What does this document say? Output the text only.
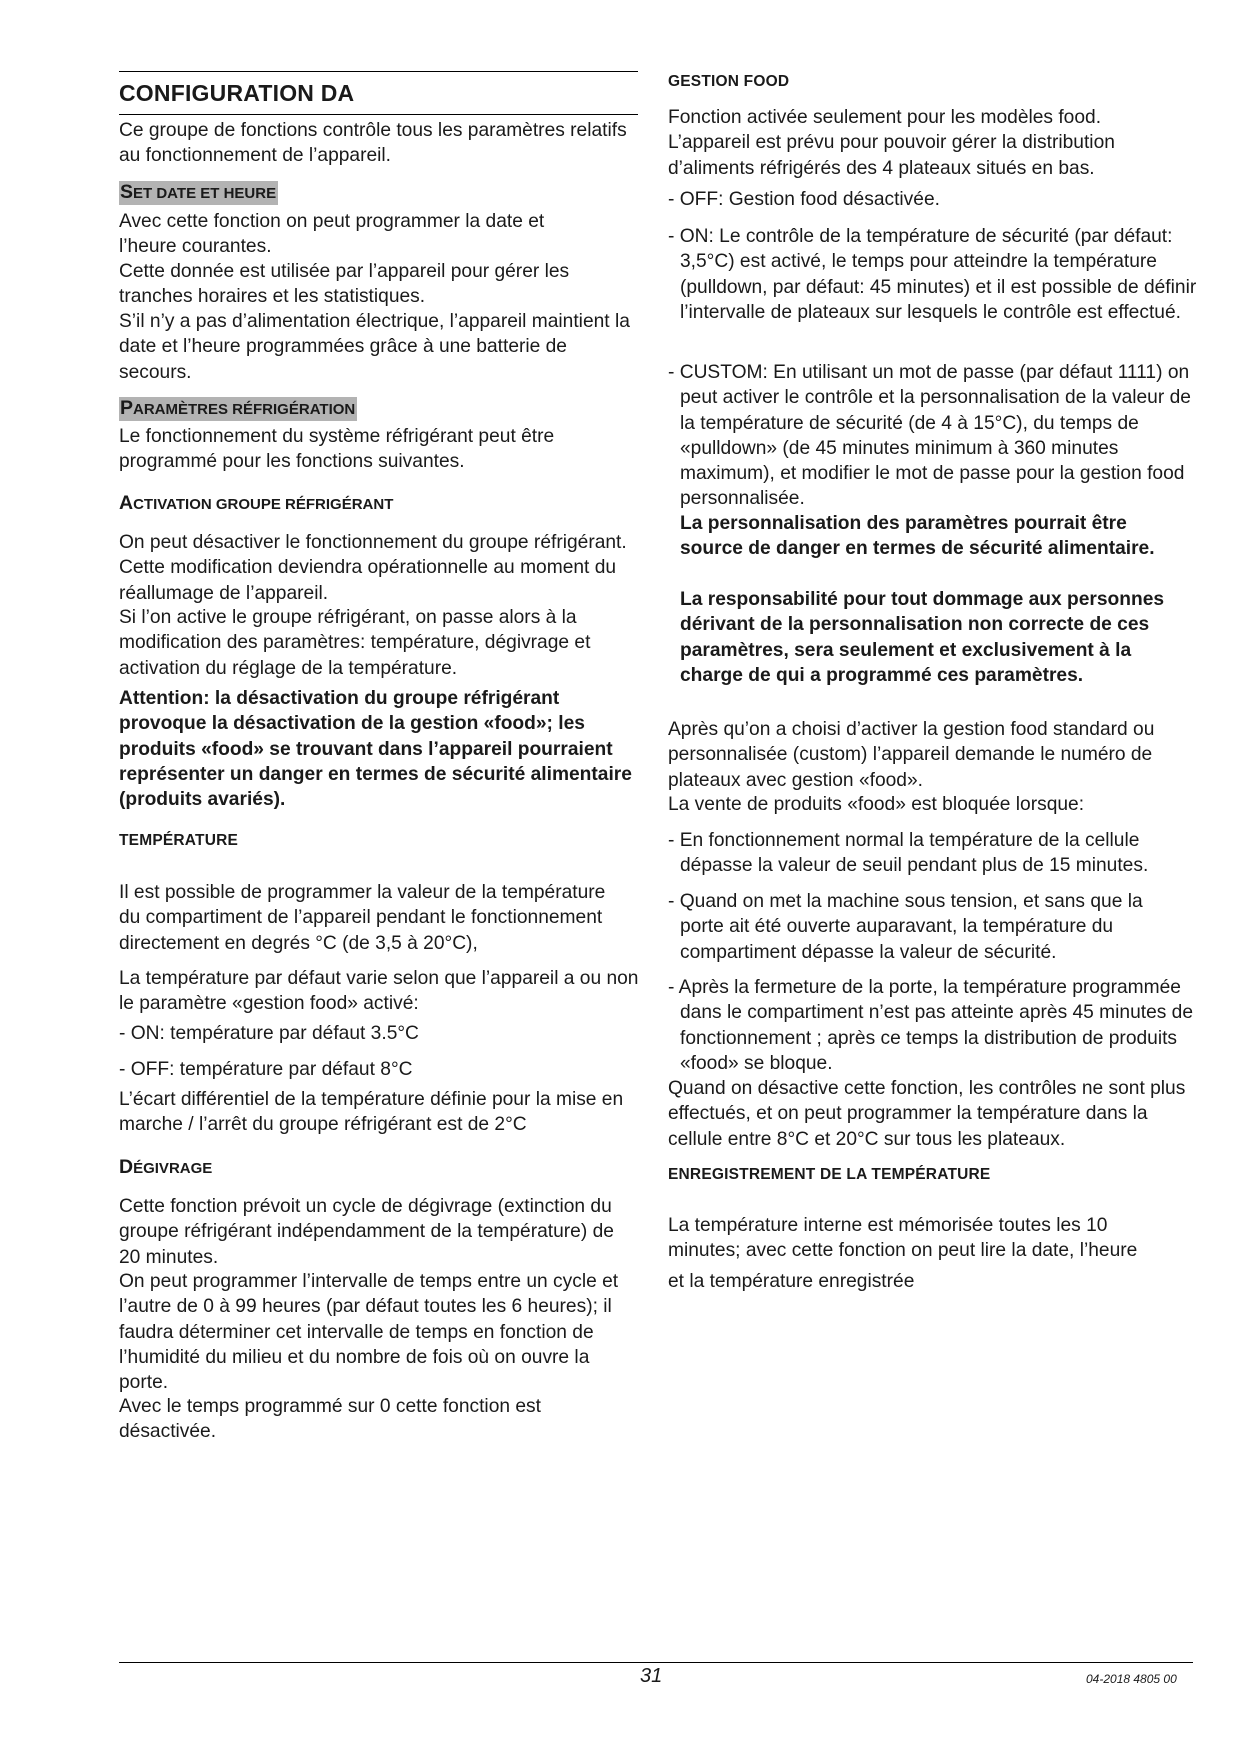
CONFIGURATION DA

Ce groupe de fonctions contrôle tous les paramètres relatifs au fonctionnement de l’appareil.

SET DATE ET HEURE

Avec cette fonction on peut programmer la date et l’heure courantes.

Cette donnée est utilisée par l’appareil pour gérer les tranches horaires et les statistiques.

S’il n’y a pas d’alimentation électrique, l’appareil maintient la date et l’heure programmées grâce à une batterie de secours.

PARAMÈTRES RÉFRIGÉRATION

Le fonctionnement du système réfrigérant peut être programmé pour les fonctions suivantes.

ACTIVATION GROUPE RÉFRIGÉRANT

On peut désactiver le fonctionnement du groupe réfrigérant. Cette modification deviendra opérationnelle au moment du réallumage de l’appareil.

Si l’on active le groupe réfrigérant, on passe alors à la modification des paramètres: température, dégivrage et activation du réglage de la température.

Attention: la désactivation du groupe réfrigérant provoque la désactivation de la gestion «food»; les produits «food» se trouvant dans l’appareil pourraient représenter un danger en termes de sécurité alimentaire (produits avariés).

TEMPÉRATURE

Il est possible de programmer la valeur de la température du compartiment de l’appareil pendant le fonctionnement directement en degrés °C (de 3,5 à 20°C),

La température par défaut varie selon que l’appareil a ou non le paramètre «gestion food» activé:

- ON: température par défaut 3.5°C

- OFF: température par défaut 8°C

L’écart différentiel de la température définie pour la mise en marche / l’arrêt du groupe réfrigérant est de 2°C

DÉGIVRAGE

Cette fonction prévoit un cycle de dégivrage (extinction du groupe réfrigérant indépendamment de la température) de 20 minutes.

On peut programmer l’intervalle de temps entre un cycle et l’autre de 0 à 99 heures (par défaut toutes les 6 heures); il faudra déterminer cet intervalle de temps en fonction de l’humidité du milieu et du nombre de fois où on ouvre la porte.

Avec le temps programmé sur 0 cette fonction est désactivée.

GESTION FOOD

Fonction activée seulement pour les modèles food. L’appareil est prévu pour pouvoir gérer la distribution d’aliments réfrigérés des 4 plateaux situés en bas.

- OFF: Gestion food désactivée.

- ON: Le contrôle de la température de sécurité (par défaut: 3,5°C) est activé, le temps pour atteindre la température (pulldown, par défaut: 45 minutes) et il est possible de définir l’intervalle de plateaux sur lesquels le contrôle est effectué.

- CUSTOM: En utilisant un mot de passe (par défaut 1111) on peut activer le contrôle et la personnalisation de la valeur de la température de sécurité (de 4 à 15°C), du temps de «pulldown» (de 45 minutes minimum à 360 minutes maximum), et modifier le mot de passe pour la gestion food personnalisée.

La personnalisation des paramètres pourrait être source de danger en termes de sécurité alimentaire.

La responsabilité pour tout dommage aux personnes dérivant de la personnalisation non correcte de ces paramètres, sera seulement et exclusivement à la charge de qui a programmé ces paramètres.

Après qu’on a choisi d’activer la gestion food standard ou personnalisée (custom) l’appareil demande le numéro de plateaux avec gestion «food».

La vente de produits «food» est bloquée lorsque:

- En fonctionnement normal la température de la cellule dépasse la valeur de seuil pendant plus de 15 minutes.

- Quand on met la machine sous tension, et sans que la porte ait été ouverte auparavant, la température du compartiment dépasse la valeur de sécurité.

- Après la fermeture de la porte, la température programmée dans le compartiment n’est pas atteinte après 45 minutes de fonctionnement ; après ce temps la distribution de produits «food» se bloque.

Quand on désactive cette fonction, les contrôles ne sont plus effectués, et on peut programmer la température dans la cellule entre 8°C et 20°C sur tous les plateaux.

ENREGISTREMENT DE LA TEMPÉRATURE

La température interne est mémorisée toutes les 10 minutes; avec cette fonction on peut lire la date, l’heure

et la température enregistrée

31	04-2018 4805 00
